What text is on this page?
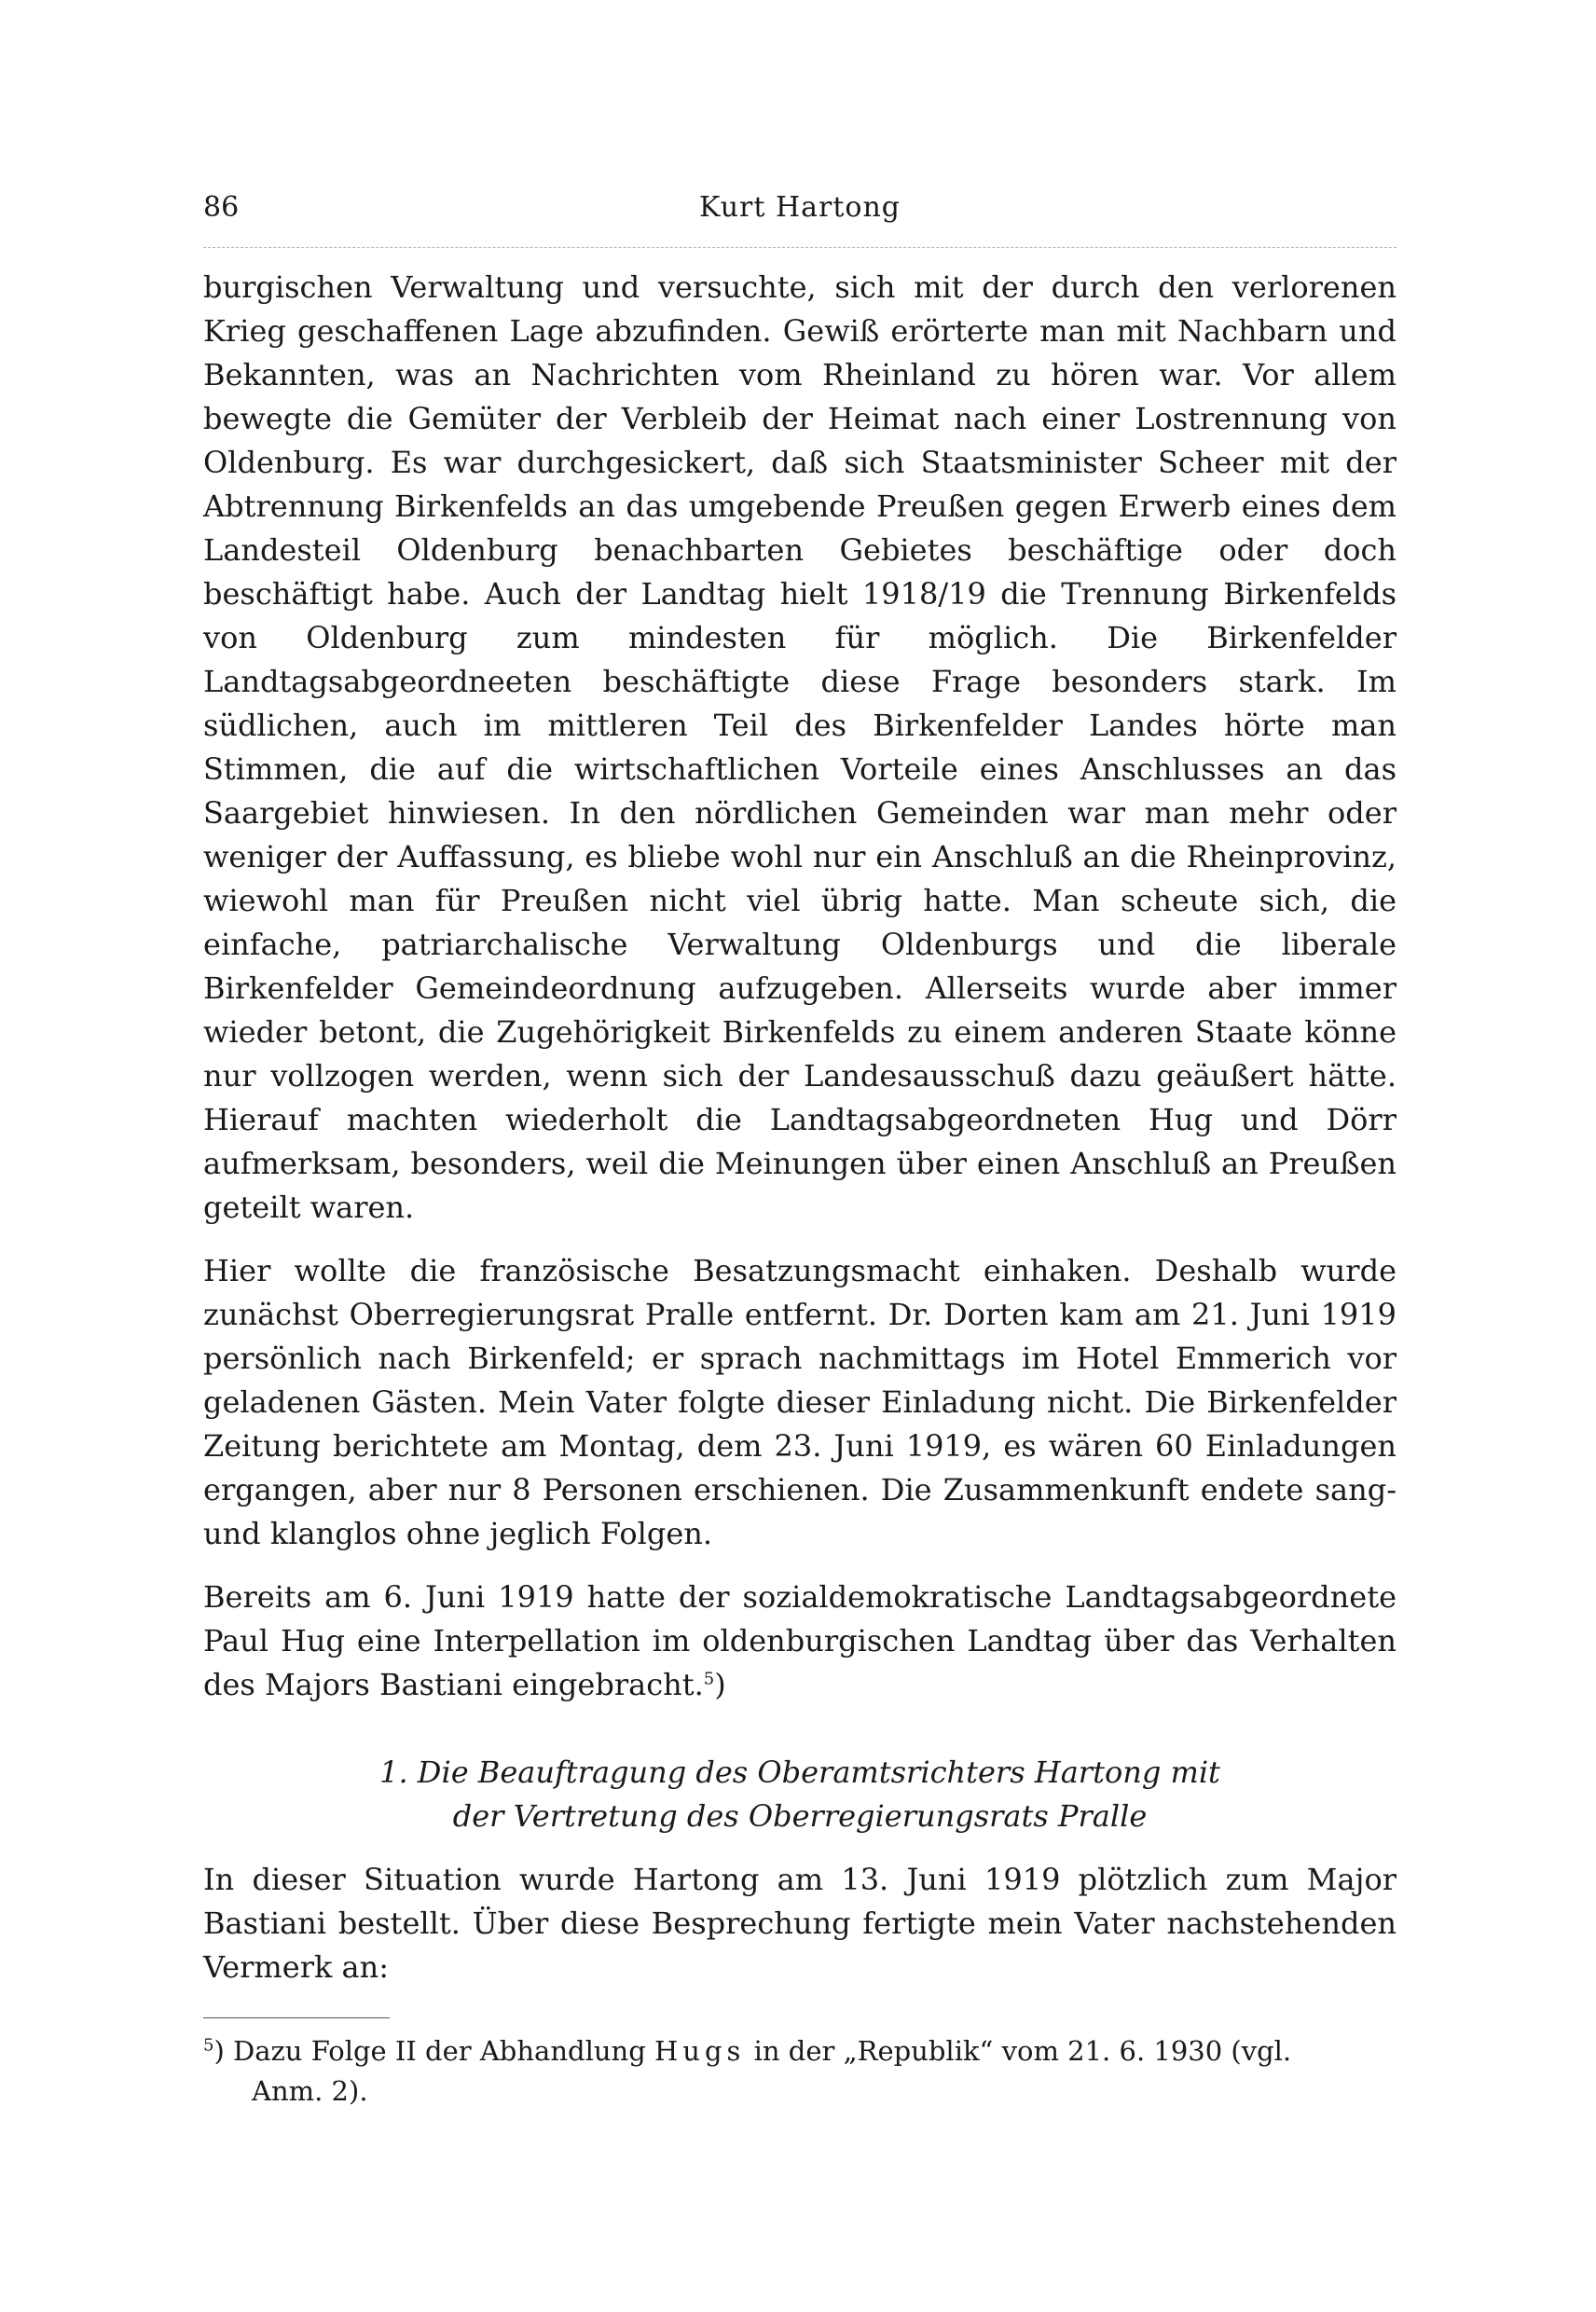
86	Kurt Hartong

burgischen Verwaltung und versuchte, sich mit der durch den verlorenen Krieg geschaffenen Lage abzufinden. Gewiß erörterte man mit Nachbarn und Bekannten, was an Nachrichten vom Rheinland zu hören war. Vor allem bewegte die Gemüter der Verbleib der Heimat nach einer Lostrennung von Oldenburg. Es war durchgesickert, daß sich Staatsminister Scheer mit der Abtrennung Birkenfelds an das umgebende Preußen gegen Erwerb eines dem Landesteil Oldenburg benachbarten Gebietes beschäftige oder doch beschäftigt habe. Auch der Landtag hielt 1918/19 die Trennung Birkenfelds von Oldenburg zum mindesten für möglich. Die Birkenfelder Landtagsabgeordneeten beschäftigte diese Frage besonders stark. Im südlichen, auch im mittleren Teil des Birkenfelder Landes hörte man Stimmen, die auf die wirtschaftlichen Vorteile eines Anschlusses an das Saargebiet hinwiesen. In den nördlichen Gemeinden war man mehr oder weniger der Auffassung, es bliebe wohl nur ein Anschluß an die Rheinprovinz, wiewohl man für Preußen nicht viel übrig hatte. Man scheute sich, die einfache, patriarchalische Verwaltung Oldenburgs und die liberale Birkenfelder Gemeindeordnung aufzugeben. Allerseits wurde aber immer wieder betont, die Zugehörigkeit Birkenfelds zu einem anderen Staate könne nur vollzogen werden, wenn sich der Landesausschuß dazu geäußert hätte. Hierauf machten wiederholt die Landtagsabgeordneten Hug und Dörr aufmerksam, besonders, weil die Meinungen über einen Anschluß an Preußen geteilt waren.

Hier wollte die französische Besatzungsmacht einhaken. Deshalb wurde zunächst Oberregierungsrat Pralle entfernt. Dr. Dorten kam am 21. Juni 1919 persönlich nach Birkenfeld; er sprach nachmittags im Hotel Emmerich vor geladenen Gästen. Mein Vater folgte dieser Einladung nicht. Die Birkenfelder Zeitung berichtete am Montag, dem 23. Juni 1919, es wären 60 Einladungen ergangen, aber nur 8 Personen erschienen. Die Zusammenkunft endete sang- und klanglos ohne jeglich Folgen.

Bereits am 6. Juni 1919 hatte der sozialdemokratische Landtagsabgeordnete Paul Hug eine Interpellation im oldenburgischen Landtag über das Verhalten des Majors Bastiani eingebracht.$^5$)

1. Die Beauftragung des Oberamtsrichters Hartong mit
der Vertretung des Oberregierungsrats Pralle

In dieser Situation wurde Hartong am 13. Juni 1919 plötzlich zum Major Bastiani bestellt. Über diese Besprechung fertigte mein Vater nachstehenden Vermerk an:

$^5$) Dazu Folge II der Abhandlung Hugs in der „Republik“ vom 21. 6. 1930 (vgl.
Anm. 2).
